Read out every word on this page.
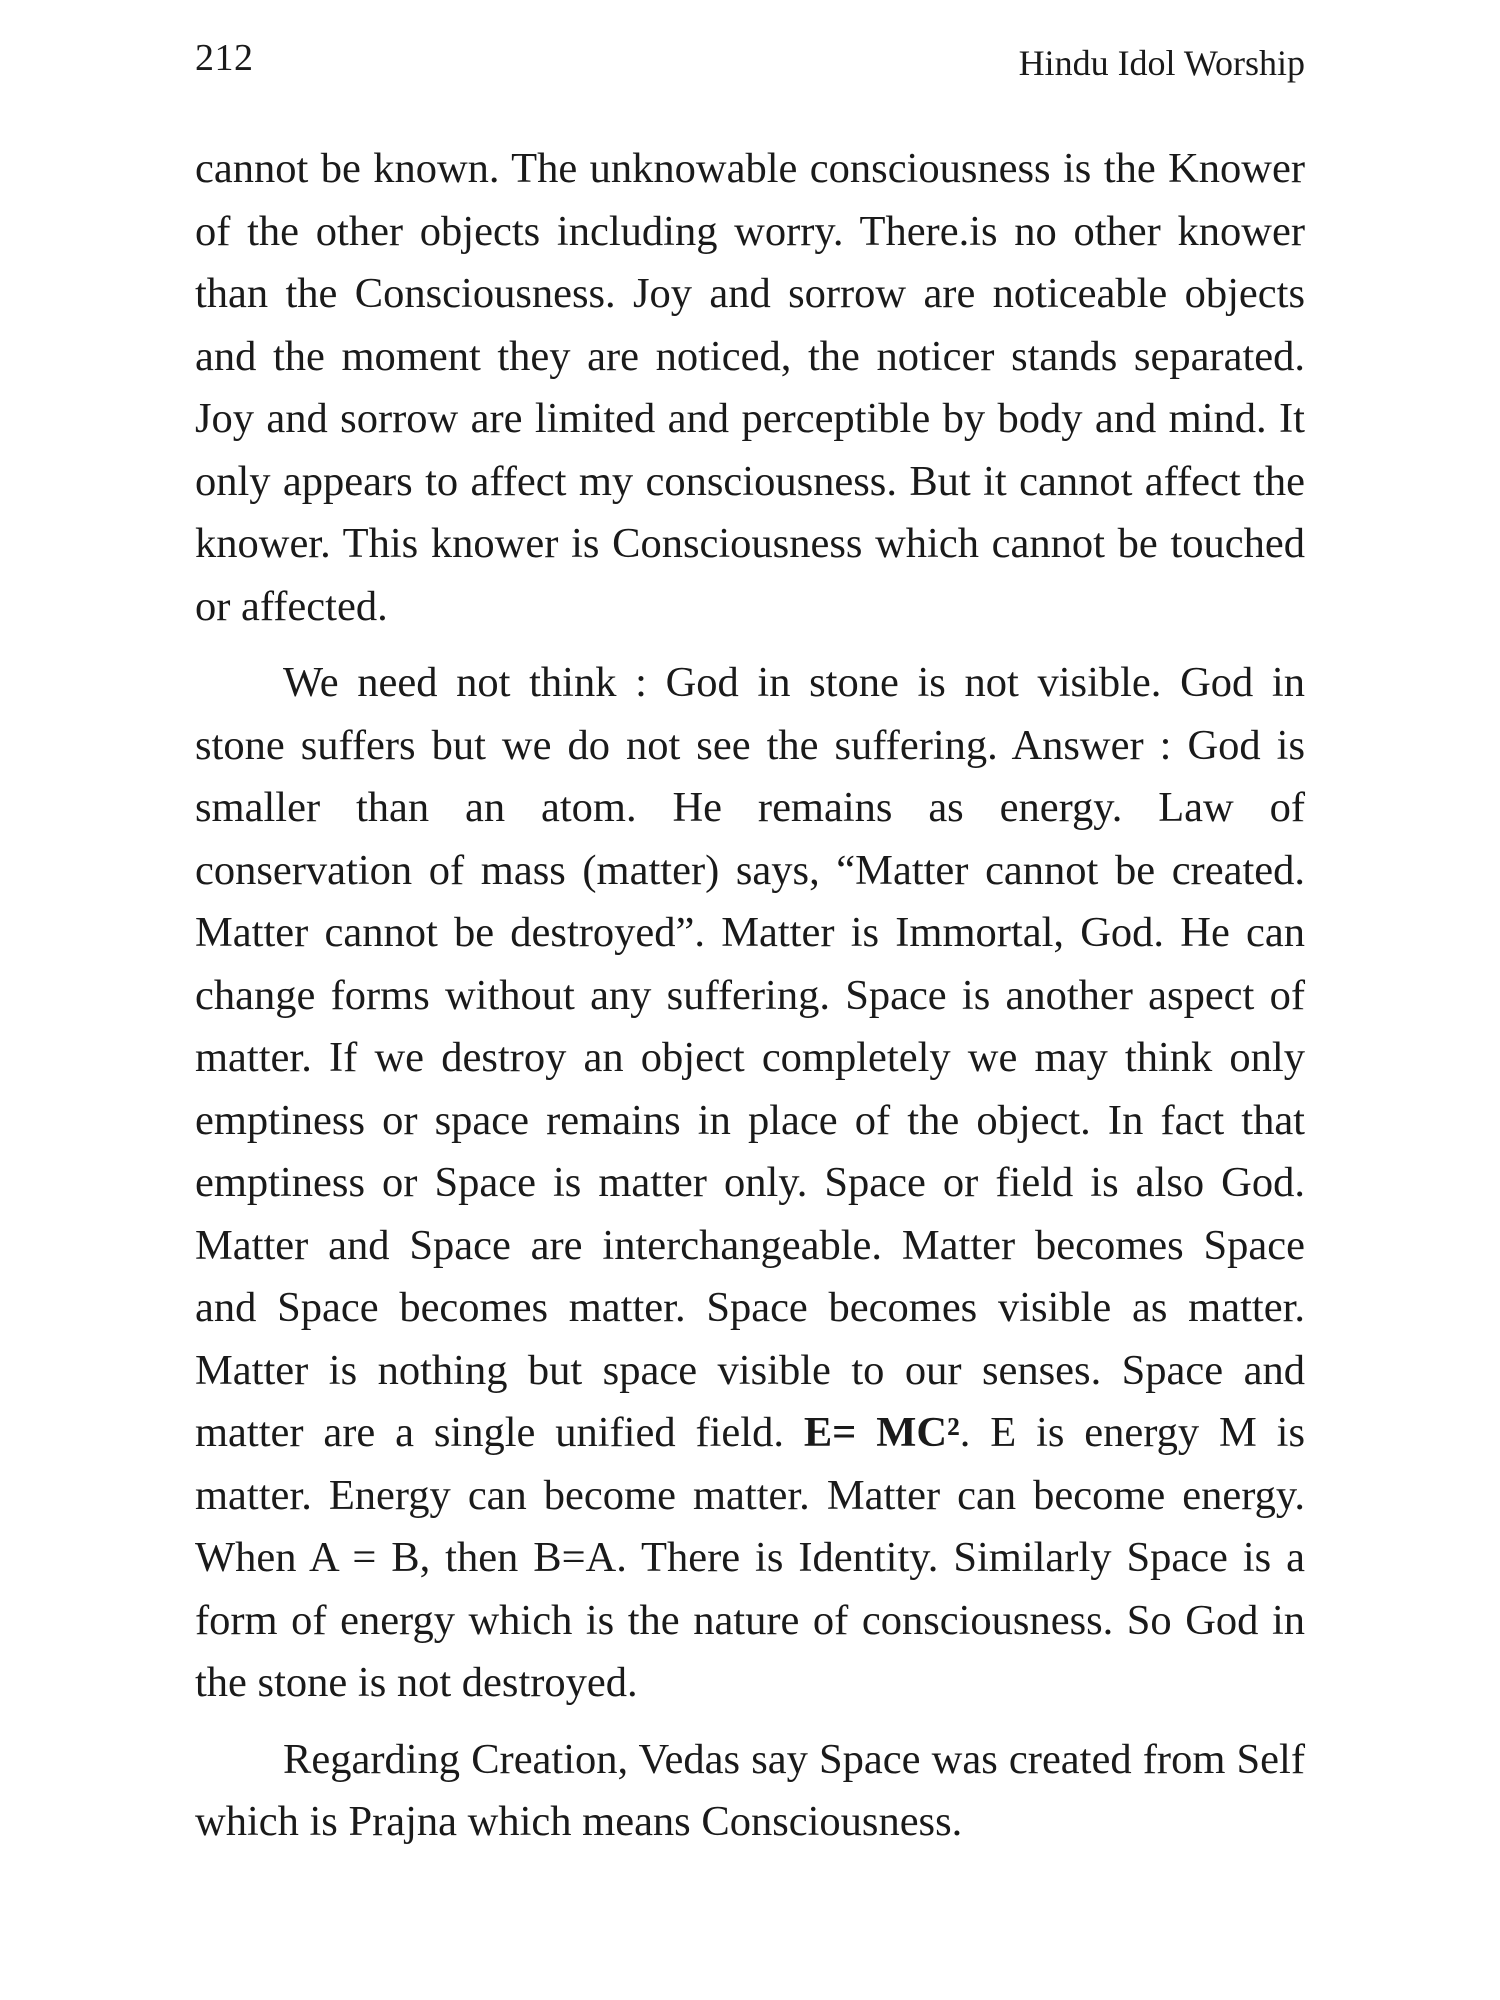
212	Hindu Idol Worship

cannot be known. The unknowable consciousness is the Knower of the other objects including worry. There.is no other knower than the Consciousness. Joy and sorrow are noticeable objects and the moment they are noticed, the noticer stands separated. Joy and sorrow are limited and perceptible by body and mind. It only appears to affect my consciousness. But it cannot affect the knower. This knower is Consciousness which cannot be touched or affected.

We need not think : God in stone is not visible. God in stone suffers but we do not see the suffering. Answer : God is smaller than an atom. He remains as energy. Law of conservation of mass (matter) says, “Matter cannot be created. Matter cannot be destroyed”. Matter is Immortal, God. He can change forms without any suffering. Space is another aspect of matter. If we destroy an object completely we may think only emptiness or space remains in place of the object. In fact that emptiness or Space is matter only. Space or field is also God. Matter and Space are interchangeable. Matter becomes Space and Space becomes matter. Space becomes visible as matter. Matter is nothing but space visible to our senses. Space and matter are a single unified field. E= MC². E is energy M is matter. Energy can become matter. Matter can become energy. When A = B, then B=A. There is Identity. Similarly Space is a form of energy which is the nature of consciousness. So God in the stone is not destroyed.

Regarding Creation, Vedas say Space was created from Self which is Prajna which means Consciousness.
